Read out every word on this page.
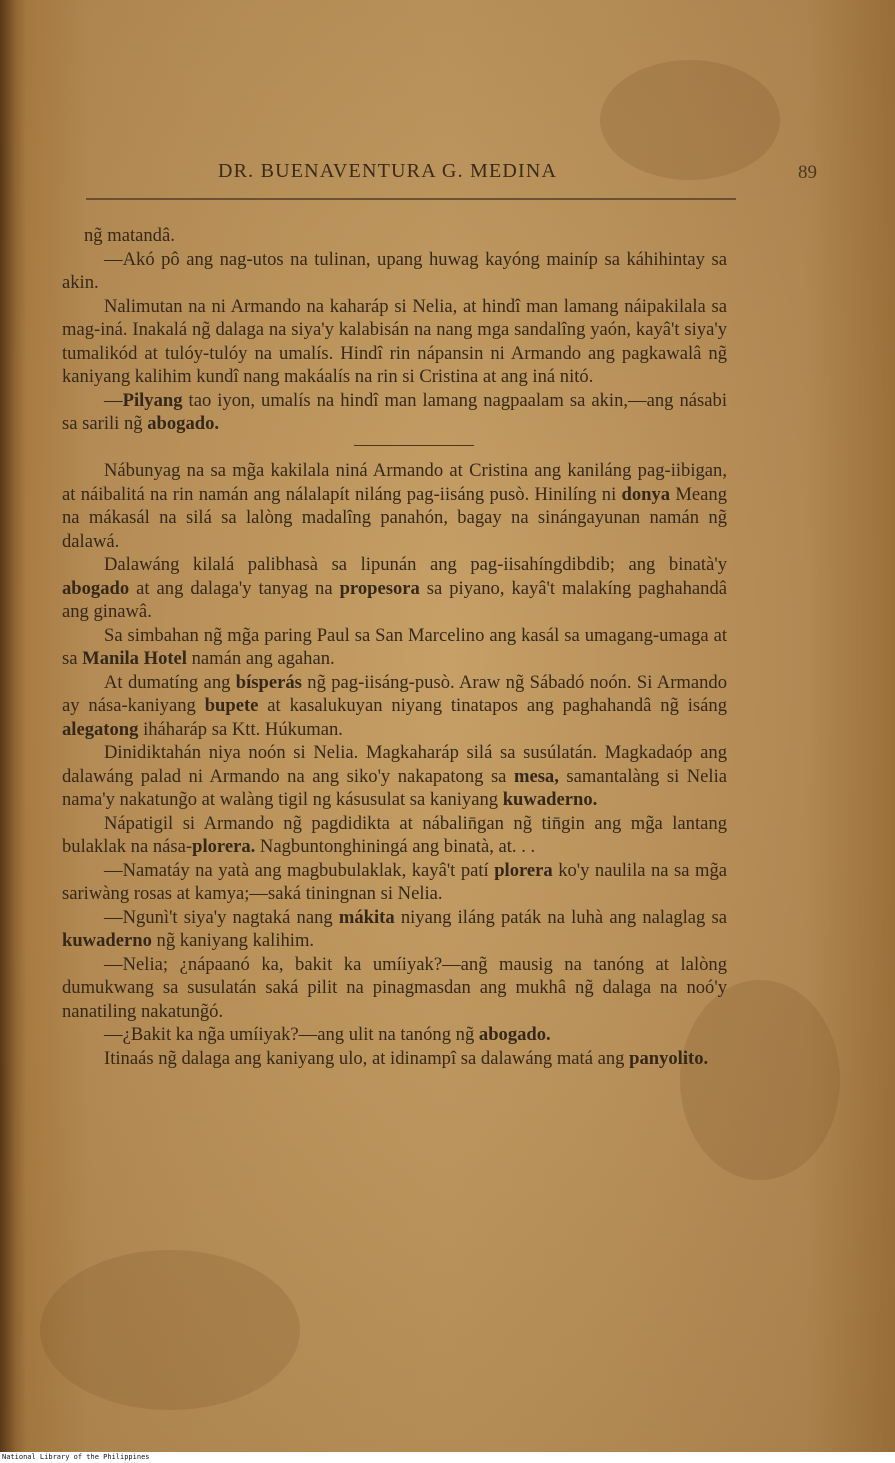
DR. BUENAVENTURA G. MEDINA	89

ng̃ matandâ.

—Akó pô ang nag-utos na tulinan, upang huwag kayóng mainíp sa káhihintay sa akin.

Nalimutan na ni Armando na kaharáp si Nelia, at hindî man lamang náipakilala sa mag-iná. Inakalá ng̃ dalaga na siya'y kalabisán na nang mga sandalîng yaón, kayâ't siya'y tumalikód at tulóy-tulóy na umalís. Hindî rin nápansin ni Armando ang pagkawalâ ng̃ kaniyang kalihim kundî nang makáalís na rin si Cristina at ang iná nitó.

—Pilyang tao iyon, umalís na hindî man lamang nagpaalam sa akin,—ang násabi sa sarili ng̃ abogado.

Nábunyag na sa mg̃a kakilala niná Armando at Cristina ang kaniláng pag-iibigan, at náibalitá na rin namán ang nálalapít niláng pag-iisáng pusò. Hinilíng ni donya Meang na mákasál na silá sa lalòng madalîng panahón, bagay na sinángayunan namán ng̃ dalawá.

Dalawáng kilalá palibhasà sa lipunán ang pag-iisahíngdibdib; ang binatà'y abogado at ang dalaga'y tanyag na propesora sa piyano, kayâ't malakíng paghahandâ ang ginawâ.

Sa simbahan ng̃ mg̃a paring Paul sa San Marcelino ang kasál sa umagang-umaga at sa Manila Hotel namán ang agahan.

At dumatíng ang bísperás ng̃ pag-iisáng-pusò. Araw ng̃ Sábadó noón. Si Armando ay nása-kaniyang bupete at kasalukuyan niyang tinatapos ang paghahandâ ng̃ isáng alegatong iháharáp sa Ktt. Húkuman.

Dinidiktahán niya noón si Nelia. Magkaharáp silá sa susúlatán. Magkadaóp ang dalawáng palad ni Armando na ang siko'y nakapatong sa mesa, samantalàng si Nelia nama'y nakatung̃o at walàng tigil ng kásusulat sa kaniyang kuwaderno.

Nápatigil si Armando ng̃ pagdidikta at nábalin̄gan ng̃ tin̄gin ang mg̃a lantang bulaklak na nása-plorera. Nagbuntonghiningá ang binatà, at. . .

—Namatáy na yatà ang magbubulaklak, kayâ't patí plorera ko'y naulila na sa mg̃a sariwàng rosas at kamya;—saká tiningnan si Nelia.

—Ngunì't siya'y nagtaká nang mákita niyang iláng paták na luhà ang nalaglag sa kuwaderno ng̃ kaniyang kalihim.

—Nelia; ¿nápaanó ka, bakit ka umíiyak?—ang̃ mausig na tanóng at lalòng dumukwang sa susulatán saká pilit na pinagmasdan ang mukhâ ng̃ dalaga na noó'y nanatiling nakatung̃ó.

—¿Bakit ka ng̃a umíiyak?—ang ulit na tanóng ng̃ abogado.

Itinaás ng̃ dalaga ang kaniyang ulo, at idinampî sa dalawáng matá ang panyolito.

National Library of the Philippines
